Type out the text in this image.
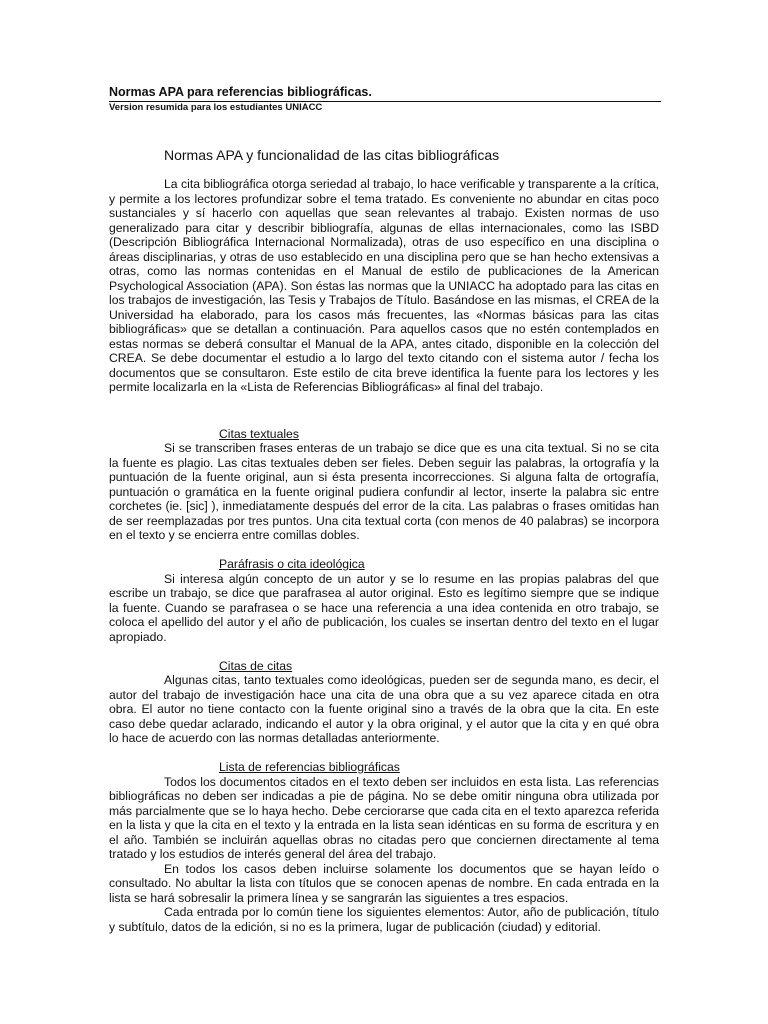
Normas APA para referencias bibliográficas.

Version resumida para los estudiantes UNIACC

Normas APA y funcionalidad de las citas bibliográficas

La cita bibliográfica otorga seriedad al trabajo, lo hace verificable y transparente a la crítica, y permite a los lectores profundizar sobre el tema tratado. Es conveniente no abundar en citas poco sustanciales y sí hacerlo con aquellas que sean relevantes al trabajo. Existen normas de uso generalizado para citar y describir bibliografía, algunas de ellas internacionales, como las ISBD (Descripción Bibliográfica Internacional Normalizada), otras de uso específico en una disciplina o áreas disciplinarias, y otras de uso establecido en una disciplina pero que se han hecho extensivas a otras, como las normas contenidas en el Manual de estilo de publicaciones de la American Psychological Association (APA). Son éstas las normas que la UNIACC ha adoptado para las citas en los trabajos de investigación, las Tesis y Trabajos de Título. Basándose en las mismas, el CREA de la Universidad ha elaborado, para los casos más frecuentes, las «Normas básicas para las citas bibliográficas» que se detallan a continuación. Para aquellos casos que no estén contemplados en estas normas se deberá consultar el Manual de la APA, antes citado, disponible en la colección del CREA. Se debe documentar el estudio a lo largo del texto citando con el sistema autor / fecha los documentos que se consultaron. Este estilo de cita breve identifica la fuente para los lectores y les permite localizarla en la «Lista de Referencias Bibliográficas» al final del trabajo.

Citas textuales

Si se transcriben frases enteras de un trabajo se dice que es una cita textual. Si no se cita la fuente es plagio. Las citas textuales deben ser fieles. Deben seguir las palabras, la ortografía y la puntuación de la fuente original, aun si ésta presenta incorrecciones. Si alguna falta de ortografía, puntuación o gramática en la fuente original pudiera confundir al lector, inserte la palabra sic entre corchetes (ie. [sic] ), inmediatamente después del error de la cita. Las palabras o frases omitidas han de ser reemplazadas por tres puntos. Una cita textual corta (con menos de 40 palabras) se incorpora en el texto y se encierra entre comillas dobles.

Paráfrasis o cita ideológica

Si interesa algún concepto de un autor y se lo resume en las propias palabras del que escribe un trabajo, se dice que parafrasea al autor original. Esto es legítimo siempre que se indique la fuente. Cuando se parafrasea o se hace una referencia a una idea contenida en otro trabajo, se coloca el apellido del autor y el año de publicación, los cuales se insertan dentro del texto en el lugar apropiado.

Citas de citas

Algunas citas, tanto textuales como ideológicas, pueden ser de segunda mano, es decir, el autor del trabajo de investigación hace una cita de una obra que a su vez aparece citada en otra obra. El autor no tiene contacto con la fuente original sino a través de la obra que la cita. En este caso debe quedar aclarado, indicando el autor y la obra original, y el autor que la cita y en qué obra lo hace de acuerdo con las normas detalladas anteriormente.

Lista de referencias bibliográficas

Todos los documentos citados en el texto deben ser incluidos en esta lista. Las referencias bibliográficas no deben ser indicadas a pie de página. No se debe omitir ninguna obra utilizada por más parcialmente que se lo haya hecho. Debe cerciorarse que cada cita en el texto aparezca referida en la lista y que la cita en el texto y la entrada en la lista sean idénticas en su forma de escritura y en el año. También se incluirán aquellas obras no citadas pero que conciernen directamente al tema tratado y los estudios de interés general del área del trabajo.

En todos los casos deben incluirse solamente los documentos que se hayan leído o consultado. No abultar la lista con títulos que se conocen apenas de nombre. En cada entrada en la lista se hará sobresalir la primera línea y se sangrarán las siguientes a tres espacios.

Cada entrada por lo común tiene los siguientes elementos: Autor, año de publicación, título y subtítulo, datos de la edición, si no es la primera, lugar de publicación (ciudad) y editorial.
